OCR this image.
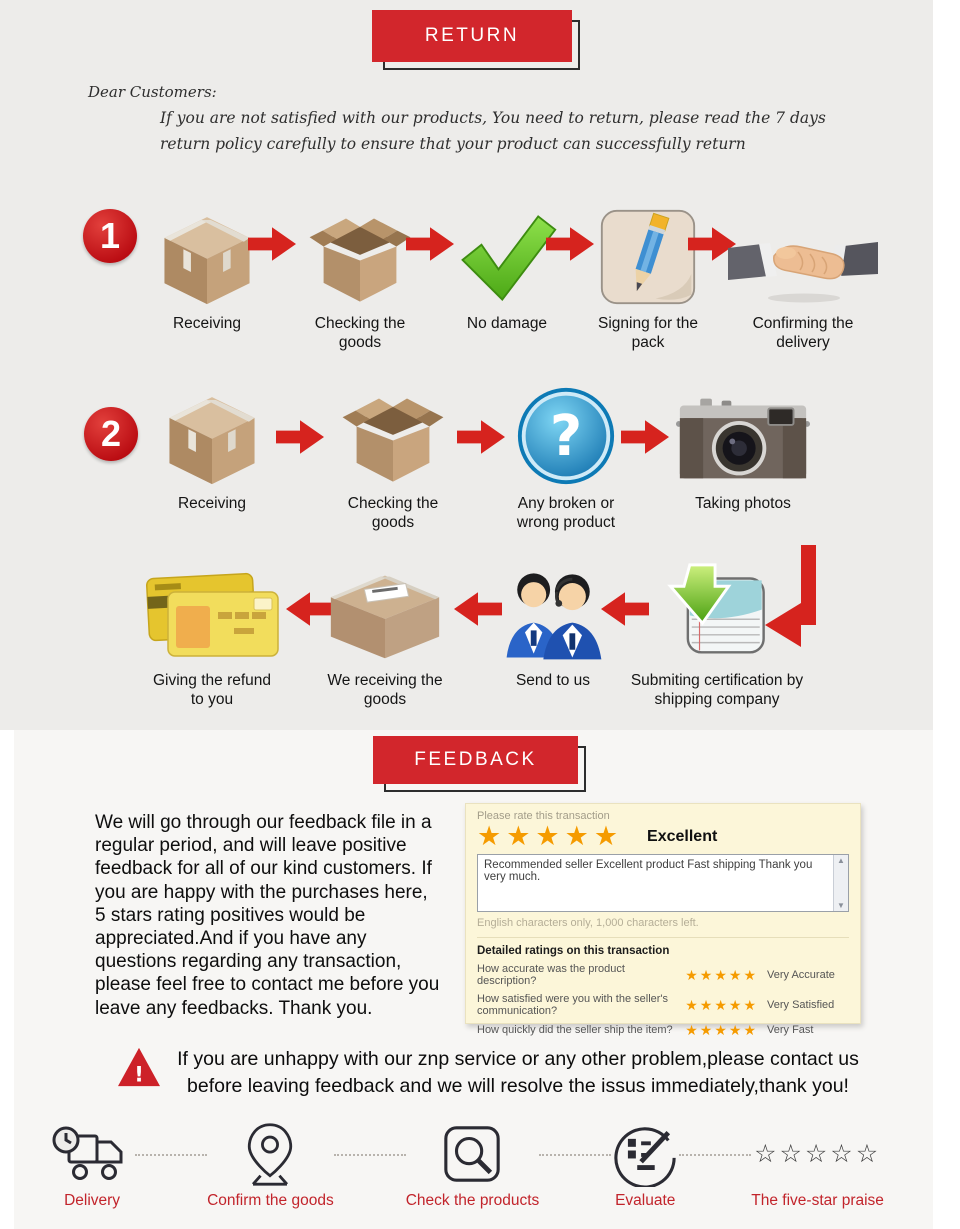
RETURN
Dear Customers:
If you are not satisfied with our products, You need to return, please read the 7 days
return policy carefully to ensure that your product can successfully return
1
Receiving	Checking the goods
No damage	Signing for the pack
Confirming the delivery
2
Receiving	Checking the goods
?
Any broken or wrong product
Taking photos
Giving the refund to you
We receiving the goods
Send to us	Submiting certification by shipping company
FEEDBACK
We will go through our feedback file in a regular period, and will leave positive feedback for all of our kind customers. If you are happy with the purchases here, 5 stars rating positives would be appreciated.And if you have any questions regarding any transaction, please feel free to contact me before you leave any feedbacks. Thank you.
Please rate this transaction
★★★★★ Excellent
Recommended seller Excellent product Fast shipping Thank you very much.
▲
▼
English characters only, 1,000 characters left.
Detailed ratings on this transaction
How accurate was the product description?	★★★★★ Very Accurate
How satisfied were you with the seller's communication?	★★★★★ Very Satisfied
How quickly did the seller ship the item? ★★★★★ Very Fast
!
If you are unhappy with our znp service or any other problem,please contact us
before leaving feedback and we will resolve the issus immediately,thank you!
Delivery	Confirm the goods	Check the products	Evaluate
☆☆☆☆☆
The five-star praise
